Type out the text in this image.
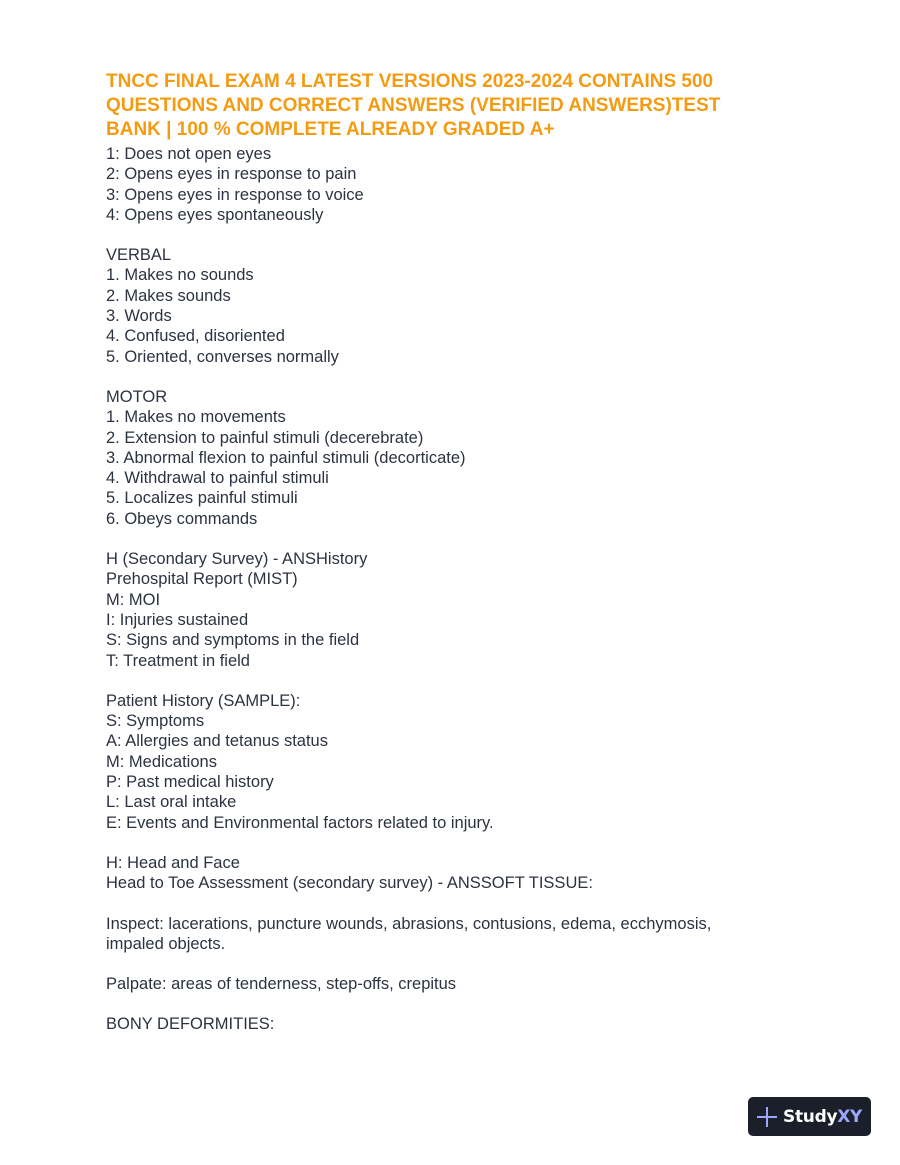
TNCC FINAL EXAM 4 LATEST VERSIONS 2023-2024 CONTAINS 500
QUESTIONS AND CORRECT ANSWERS (VERIFIED ANSWERS)TEST
BANK | 100 % COMPLETE ALREADY GRADED A+
1: Does not open eyes
2: Opens eyes in response to pain
3: Opens eyes in response to voice
4: Opens eyes spontaneously
VERBAL
1. Makes no sounds
2. Makes sounds
3. Words
4. Confused, disoriented
5. Oriented, converses normally
MOTOR
1. Makes no movements
2. Extension to painful stimuli (decerebrate)
3. Abnormal flexion to painful stimuli (decorticate)
4. Withdrawal to painful stimuli
5. Localizes painful stimuli
6. Obeys commands
H (Secondary Survey) - ANSHistory
Prehospital Report (MIST)
M: MOI
I: Injuries sustained
S: Signs and symptoms in the field
T: Treatment in field
Patient History (SAMPLE):
S: Symptoms
A: Allergies and tetanus status
M: Medications
P: Past medical history
L: Last oral intake
E: Events and Environmental factors related to injury.
H: Head and Face
Head to Toe Assessment (secondary survey) - ANSSOFT TISSUE:
Inspect: lacerations, puncture wounds, abrasions, contusions, edema, ecchymosis,
impaled objects.
Palpate: areas of tenderness, step-offs, crepitus
BONY DEFORMITIES:
StudyXY
